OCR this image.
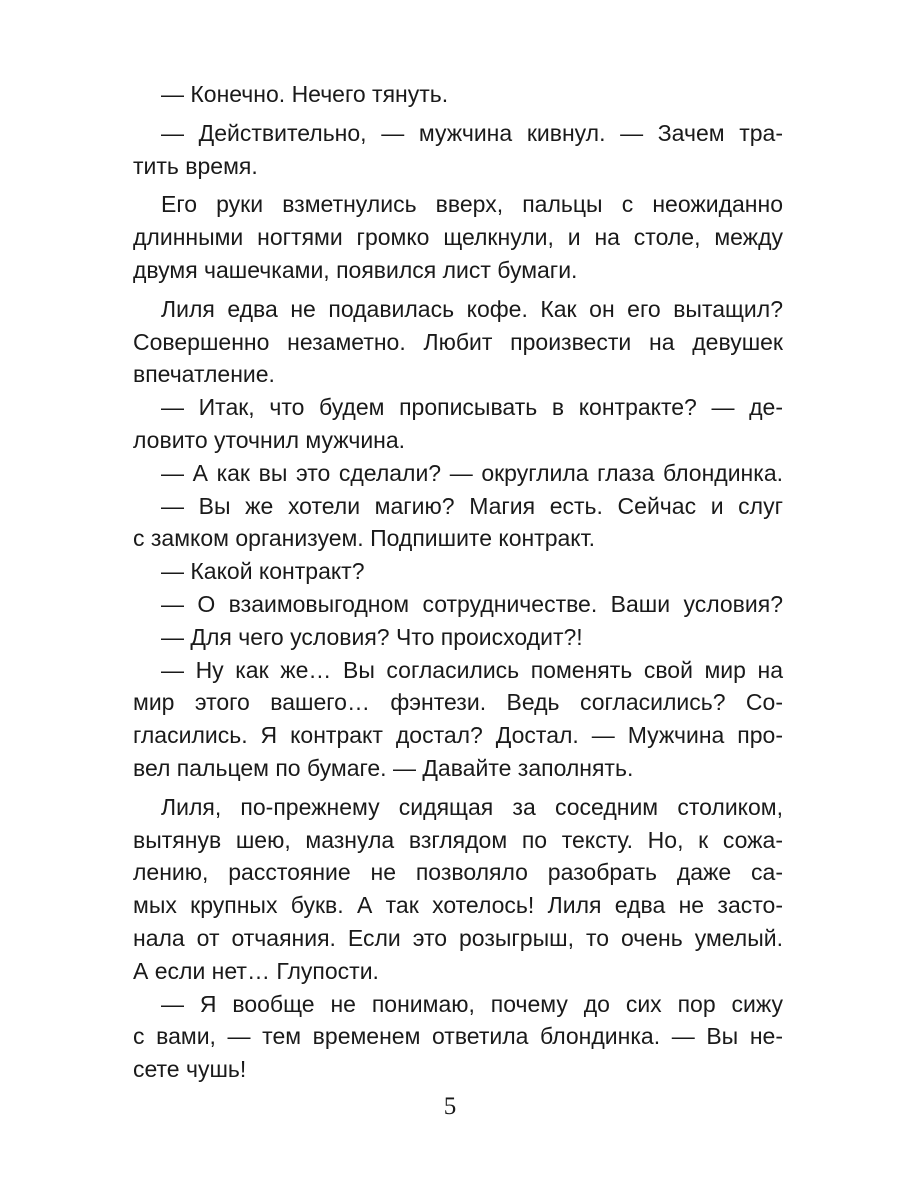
— Конечно. Нечего тянуть.
— Действительно, — мужчина кивнул. — Зачем тра-
тить время.
Его руки взметнулись вверх, пальцы с неожиданно
длинными ногтями громко щелкнули, и на столе, между
двумя чашечками, появился лист бумаги.
Лиля едва не подавилась кофе. Как он его вытащил?
Совершенно незаметно. Любит произвести на девушек
впечатление.
— Итак, что будем прописывать в контракте? — де-
ловито уточнил мужчина.
— А как вы это сделали? — округлила глаза блондинка.
— Вы же хотели магию? Магия есть. Сейчас и слуг
с замком организуем. Подпишите контракт.
— Какой контракт?
— О взаимовыгодном сотрудничестве. Ваши условия?
— Для чего условия? Что происходит?!
— Ну как же… Вы согласились поменять свой мир на
мир этого вашего… фэнтези. Ведь согласились? Со-
гласились. Я контракт достал? Достал. — Мужчина про-
вел пальцем по бумаге. — Давайте заполнять.
Лиля, по-прежнему сидящая за соседним столиком,
вытянув шею, мазнула взглядом по тексту. Но, к сожа-
лению, расстояние не позволяло разобрать даже са-
мых крупных букв. А так хотелось! Лиля едва не засто-
нала от отчаяния. Если это розыгрыш, то очень умелый.
А если нет… Глупости.
— Я вообще не понимаю, почему до сих пор сижу
с вами, — тем временем ответила блондинка. — Вы не-
сете чушь!
5
